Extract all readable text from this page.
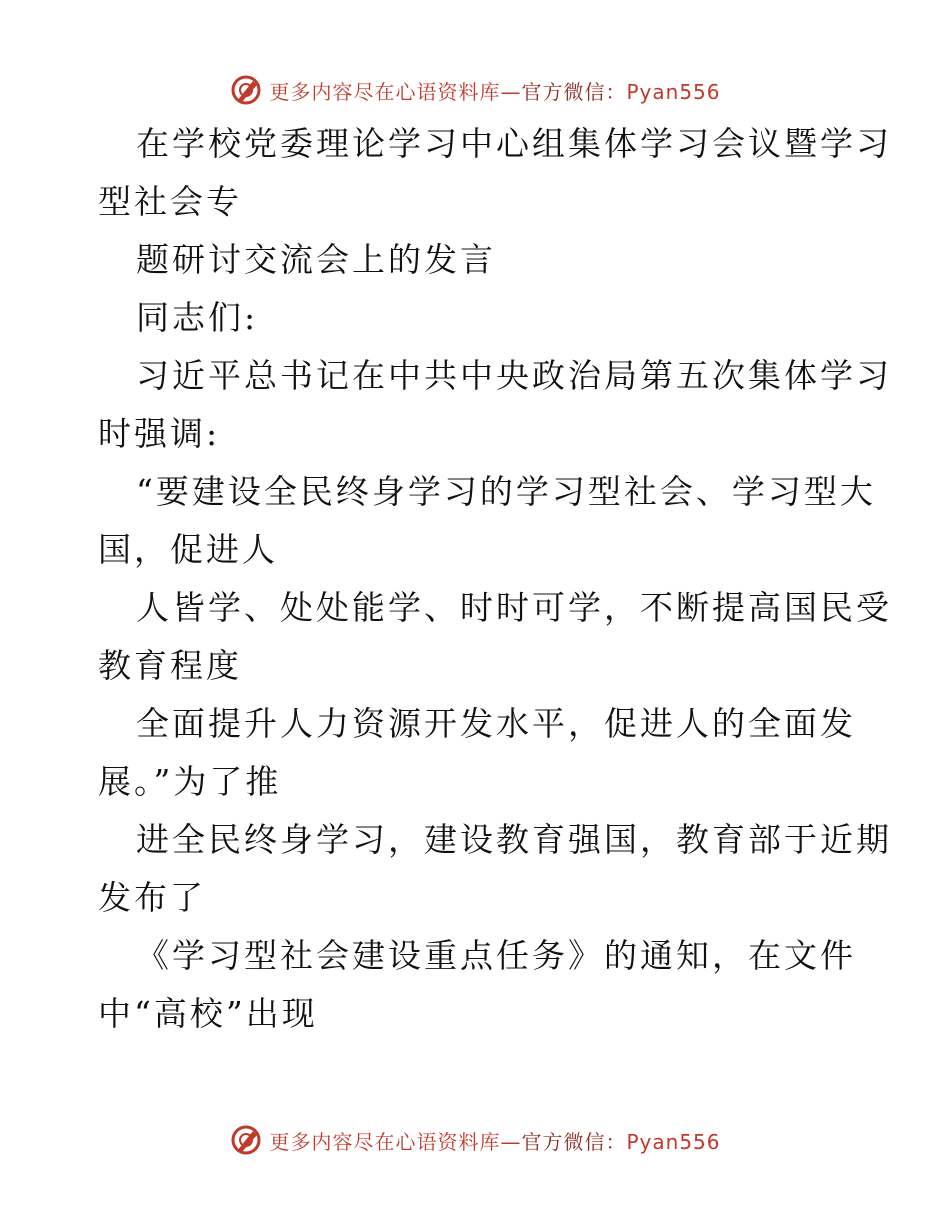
更多内容尽在心语资料库—官方微信：Pyan556
在学校党委理论学习中心组集体学习会议暨学习
型社会专
题研讨交流会上的发言
同志们:
习近平总书记在中共中央政治局第五次集体学习
时强调:
“要建设全民终身学习的学习型社会、学习型大
国，促进人
人皆学、处处能学、时时可学，不断提高国民受
教育程度
全面提升人力资源开发水平，促进人的全面发
展。”为了推
进全民终身学习，建设教育强国，教育部于近期
发布了
《学习型社会建设重点任务》的通知，在文件
中“高校”出现
更多内容尽在心语资料库—官方微信：Pyan556
